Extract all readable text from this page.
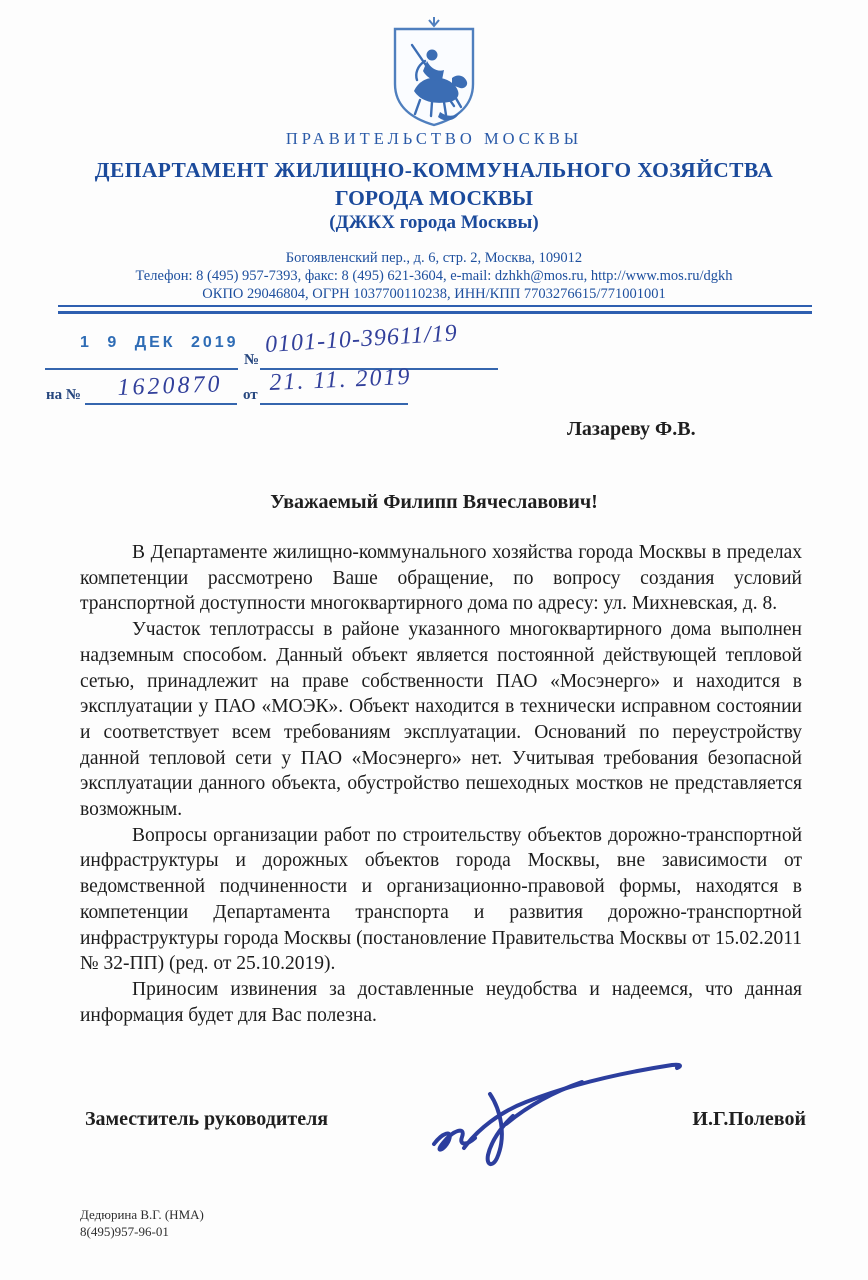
ПРАВИТЕЛЬСТВО МОСКВЫ
ДЕПАРТАМЕНТ ЖИЛИЩНО-КОММУНАЛЬНОГО ХОЗЯЙСТВА
ГОРОДА МОСКВЫ
(ДЖКХ города Москвы)
Богоявленский пер., д. 6, стр. 2, Москва, 109012
Телефон: 8 (495) 957-7393, факс: 8 (495) 621-3604, e-mail: dzhkh@mos.ru, http://www.mos.ru/dgkh
ОКПО 29046804, ОГРН 1037700110238, ИНН/КПП 7703276615/771001001
1 9 ДЕК 2019
№
0101-10-39611/19
на № 1620870 от 21. 11. 2019
Лазареву Ф.В.
Уважаемый Филипп Вячеславович!

В Департаменте жилищно-коммунального хозяйства города Москвы в пределах компетенции рассмотрено Ваше обращение, по вопросу создания условий транспортной доступности многоквартирного дома по адресу: ул. Михневская, д. 8.

Участок теплотрассы в районе указанного многоквартирного дома выполнен надземным способом. Данный объект является постоянной действующей тепловой сетью, принадлежит на праве собственности ПАО «Мосэнерго» и находится в эксплуатации у ПАО «МОЭК». Объект находится в технически исправном состоянии и соответствует всем требованиям эксплуатации. Оснований по переустройству данной тепловой сети у ПАО «Мосэнерго» нет. Учитывая требования безопасной эксплуатации данного объекта, обустройство пешеходных мостков не представляется возможным.

Вопросы организации работ по строительству объектов дорожно-транспортной инфраструктуры и дорожных объектов города Москвы, вне зависимости от ведомственной подчиненности и организационно-правовой формы, находятся в компетенции Департамента транспорта и развития дорожно-транспортной инфраструктуры города Москвы (постановление Правительства Москвы от 15.02.2011 № 32-ПП) (ред. от 25.10.2019).

Приносим извинения за доставленные неудобства и надеемся, что данная информация будет для Вас полезна.

Заместитель руководителя	И.Г.Полевой
Дедюрина В.Г. (НМА)
8(495)957-96-01
